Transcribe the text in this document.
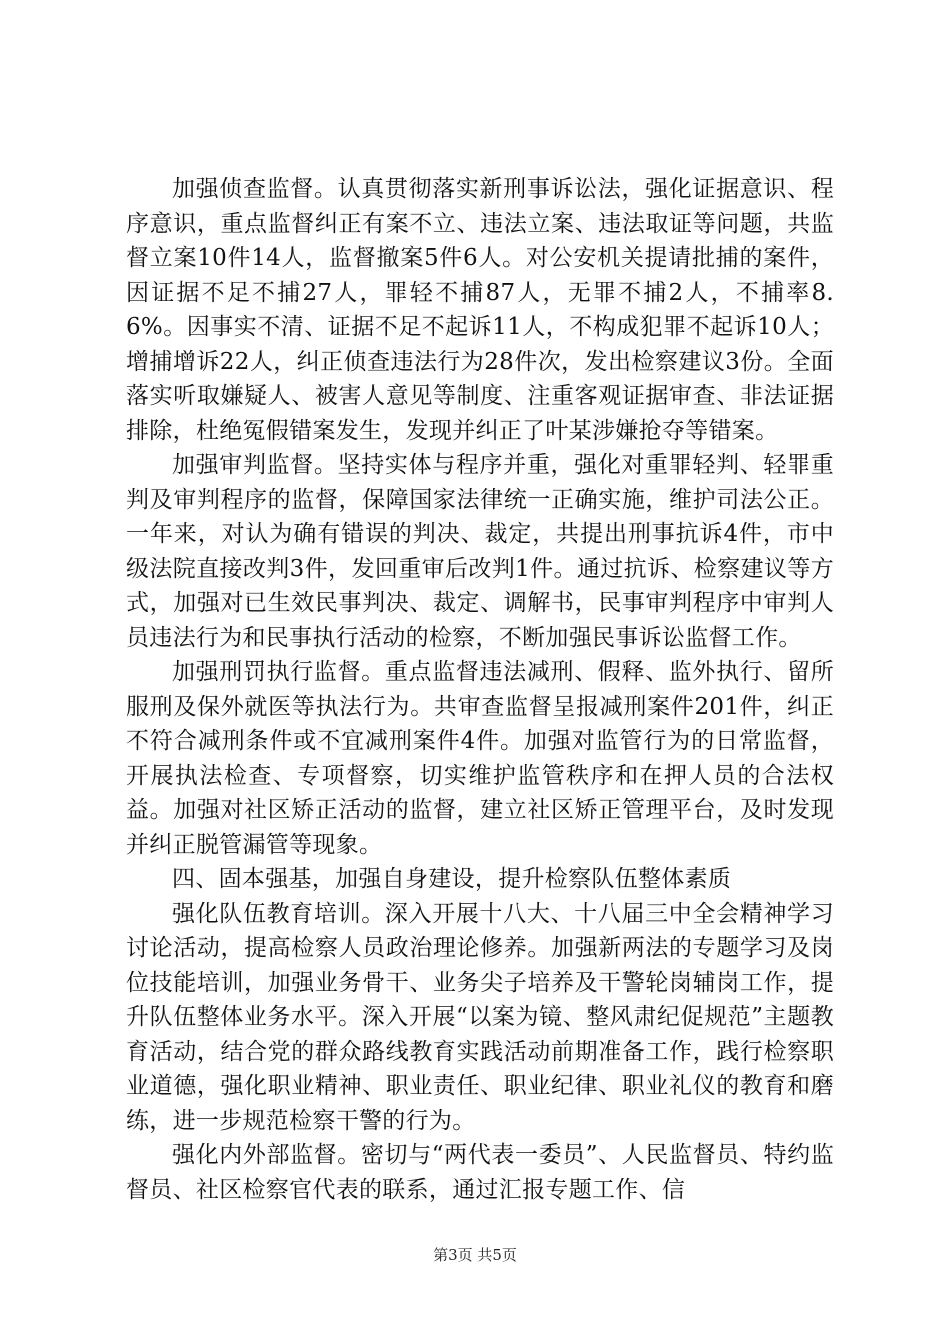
加强侦查监督。认真贯彻落实新刑事诉讼法，强化证据意识、程序意识，重点监督纠正有案不立、违法立案、违法取证等问题，共监督立案10件14人，监督撤案5件6人。对公安机关提请批捕的案件，因证据不足不捕27人，罪轻不捕87人，无罪不捕2人，不捕率8.6%。因事实不清、证据不足不起诉11人，不构成犯罪不起诉10人；增捕增诉22人，纠正侦查违法行为28件次，发出检察建议3份。全面落实听取嫌疑人、被害人意见等制度、注重客观证据审查、非法证据排除，杜绝冤假错案发生，发现并纠正了叶某涉嫌抢夺等错案。

加强审判监督。坚持实体与程序并重，强化对重罪轻判、轻罪重判及审判程序的监督，保障国家法律统一正确实施，维护司法公正。一年来，对认为确有错误的判决、裁定，共提出刑事抗诉4件，市中级法院直接改判3件，发回重审后改判1件。通过抗诉、检察建议等方式，加强对已生效民事判决、裁定、调解书，民事审判程序中审判人员违法行为和民事执行活动的检察，不断加强民事诉讼监督工作。

加强刑罚执行监督。重点监督违法减刑、假释、监外执行、留所服刑及保外就医等执法行为。共审查监督呈报减刑案件201件，纠正不符合减刑条件或不宜减刑案件4件。加强对监管行为的日常监督，开展执法检查、专项督察，切实维护监管秩序和在押人员的合法权益。加强对社区矫正活动的监督，建立社区矫正管理平台，及时发现并纠正脱管漏管等现象。

四、固本强基，加强自身建设，提升检察队伍整体素质

强化队伍教育培训。深入开展十八大、十八届三中全会精神学习讨论活动，提高检察人员政治理论修养。加强新两法的专题学习及岗位技能培训，加强业务骨干、业务尖子培养及干警轮岗辅岗工作，提升队伍整体业务水平。深入开展“以案为镜、整风肃纪促规范”主题教育活动，结合党的群众路线教育实践活动前期准备工作，践行检察职业道德，强化职业精神、职业责任、职业纪律、职业礼仪的教育和磨练，进一步规范检察干警的行为。

强化内外部监督。密切与“两代表一委员”、人民监督员、特约监督员、社区检察官代表的联系，通过汇报专题工作、信

第3页 共5页
